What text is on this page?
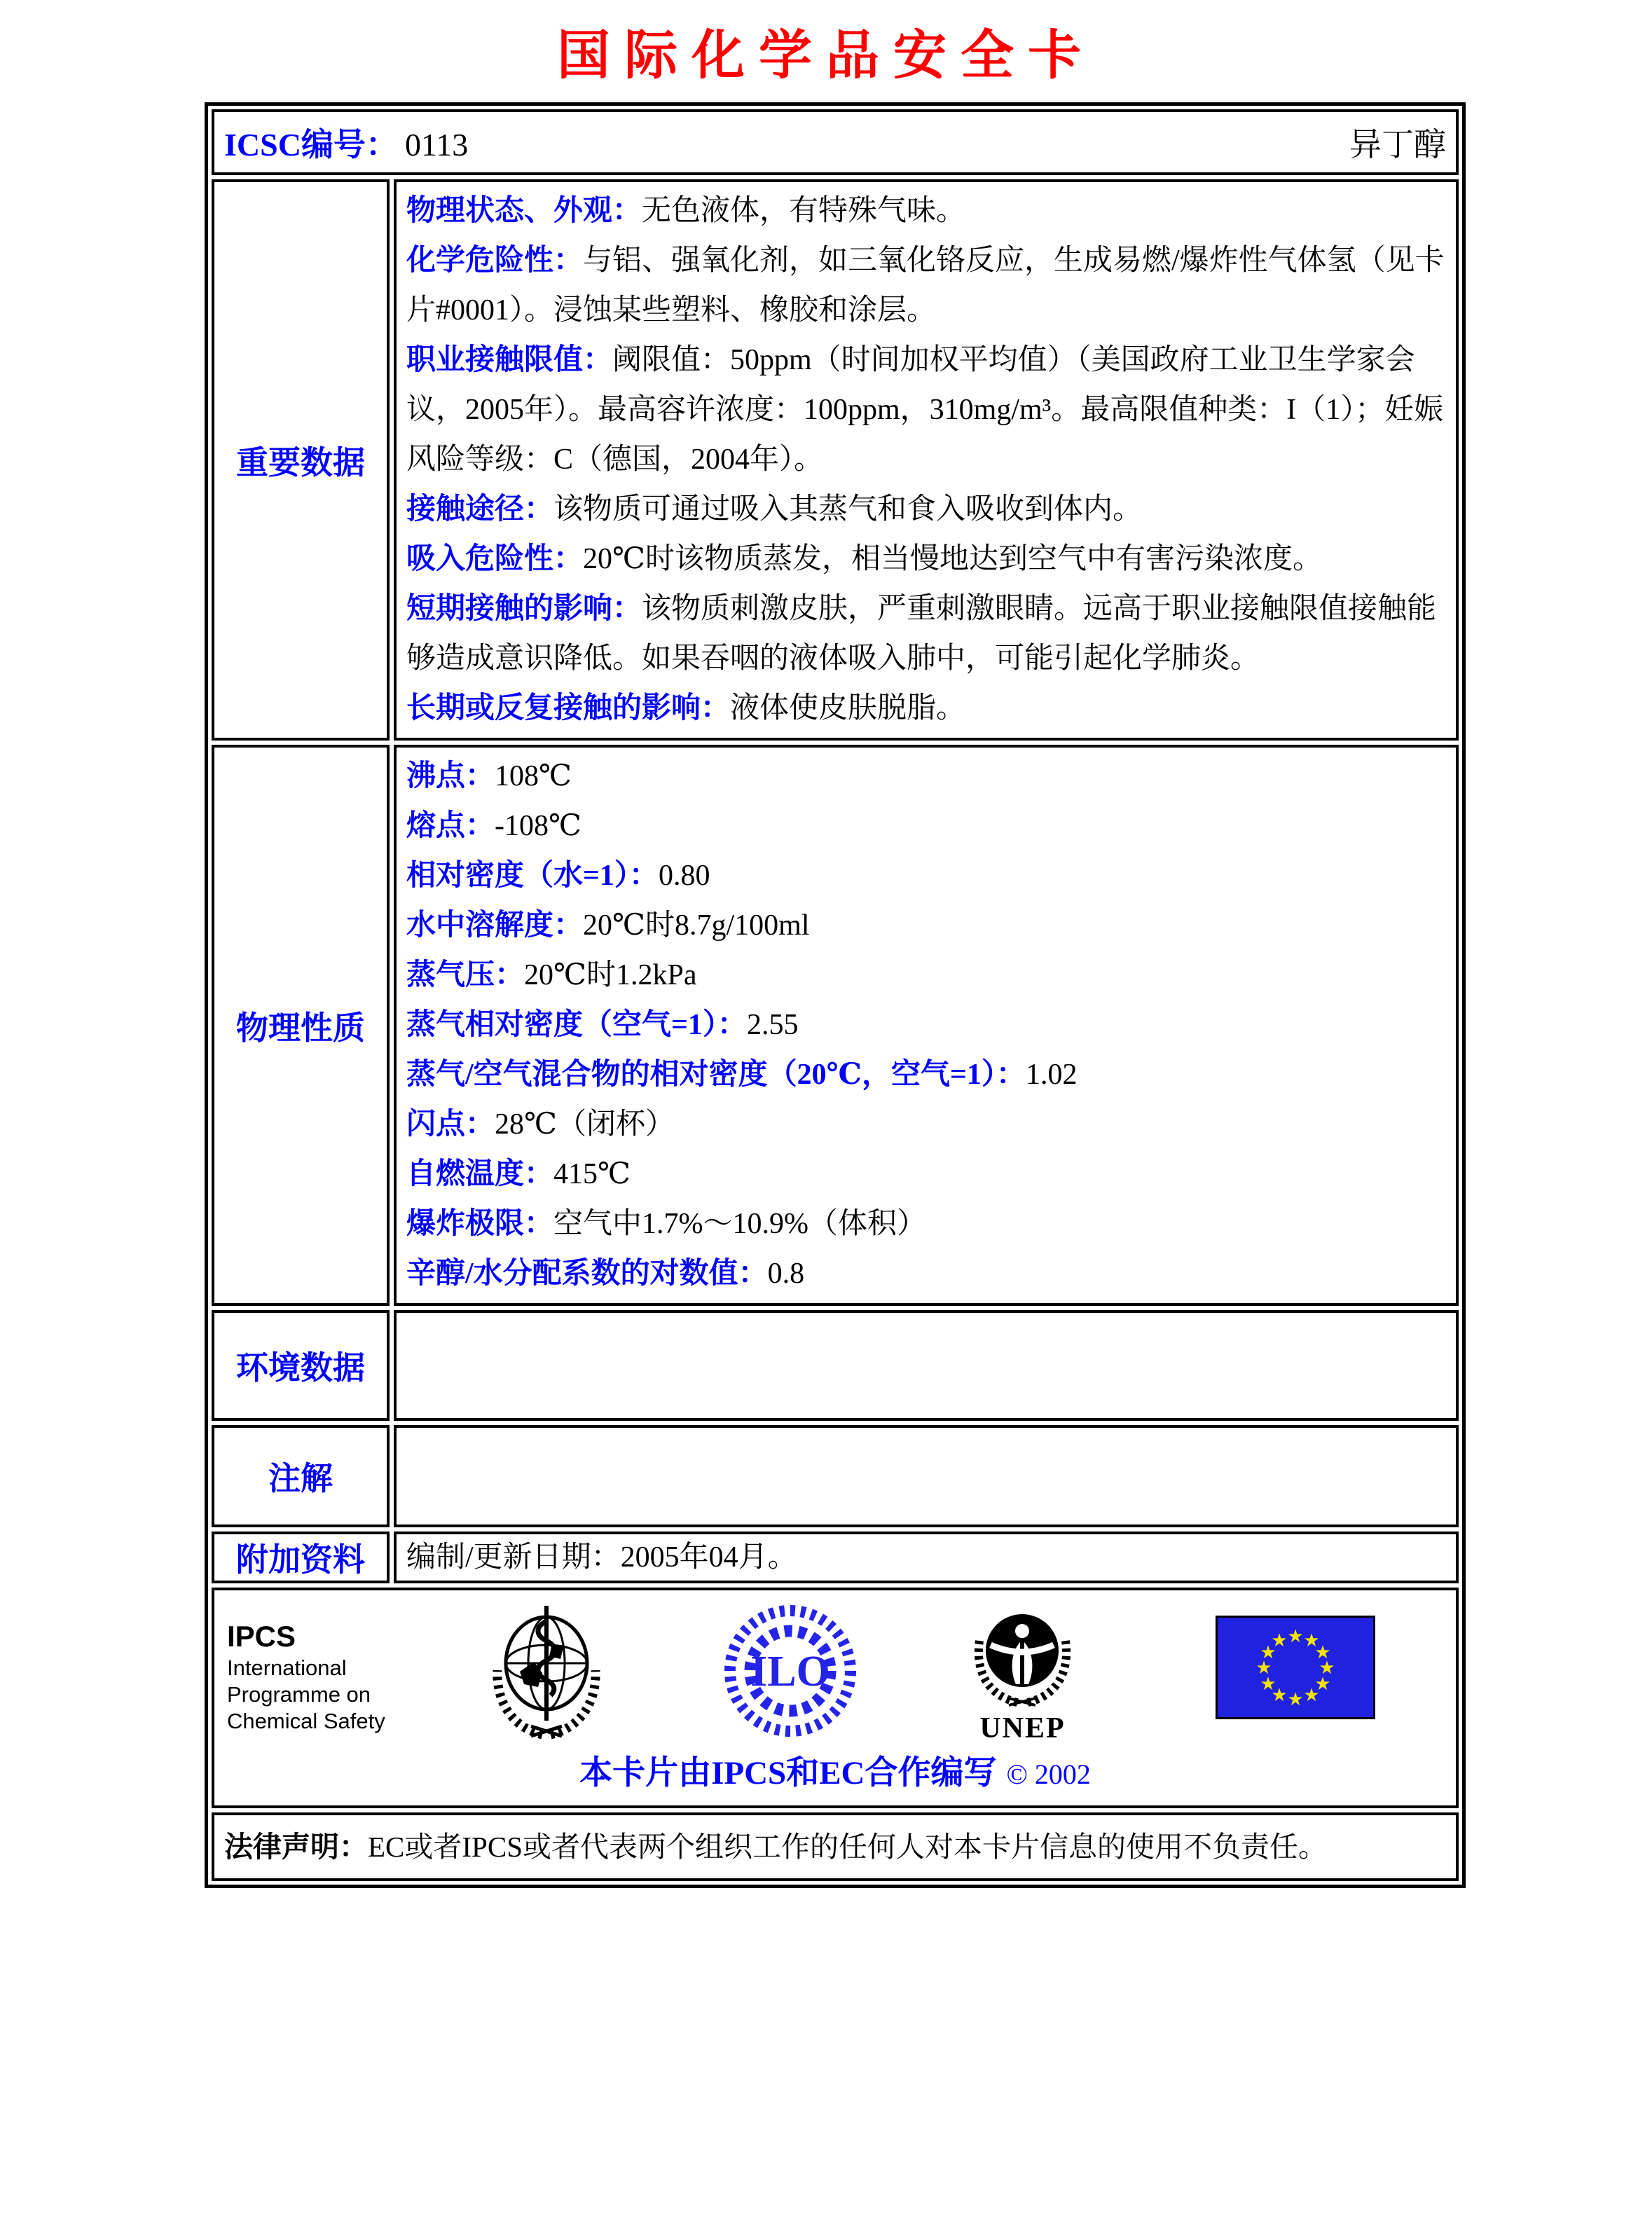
国际化学品安全卡
ICSC编号： 0113	异丁醇
重要数据
物理状态、外观：无色液体，有特殊气味。
化学危险性：与铝、强氧化剂，如三氧化铬反应，生成易燃/爆炸性气体氢（见卡片#0001）。浸蚀某些塑料、橡胶和涂层。
职业接触限值：阈限值：50ppm（时间加权平均值）（美国政府工业卫生学家会议，2005年）。最高容许浓度：100ppm，310mg/m³。最高限值种类：I（1）；妊娠风险等级：C（德国，2004年）。
接触途径：该物质可通过吸入其蒸气和食入吸收到体内。
吸入危险性：20℃时该物质蒸发，相当慢地达到空气中有害污染浓度。
短期接触的影响：该物质刺激皮肤，严重刺激眼睛。远高于职业接触限值接触能够造成意识降低。如果吞咽的液体吸入肺中，可能引起化学肺炎。
长期或反复接触的影响：液体使皮肤脱脂。
物理性质
沸点：108℃
熔点：-108℃
相对密度（水=1）：0.80
水中溶解度：20℃时8.7g/100ml
蒸气压：20℃时1.2kPa
蒸气相对密度（空气=1）：2.55
蒸气/空气混合物的相对密度（20℃，空气=1）：1.02
闪点：28℃（闭杯）
自燃温度：415℃
爆炸极限：空气中1.7%～10.9%（体积）
辛醇/水分配系数的对数值：0.8
环境数据
注解
附加资料	编制/更新日期：2005年04月。
IPCS
International
Programme on
Chemical Safety
ILO
UNEP
★ ★
★
★
★
★
★
★
★
★
★
★
本卡片由IPCS和EC合作编写 © 2002
法律声明：EC或者IPCS或者代表两个组织工作的任何人对本卡片信息的使用不负责任。
